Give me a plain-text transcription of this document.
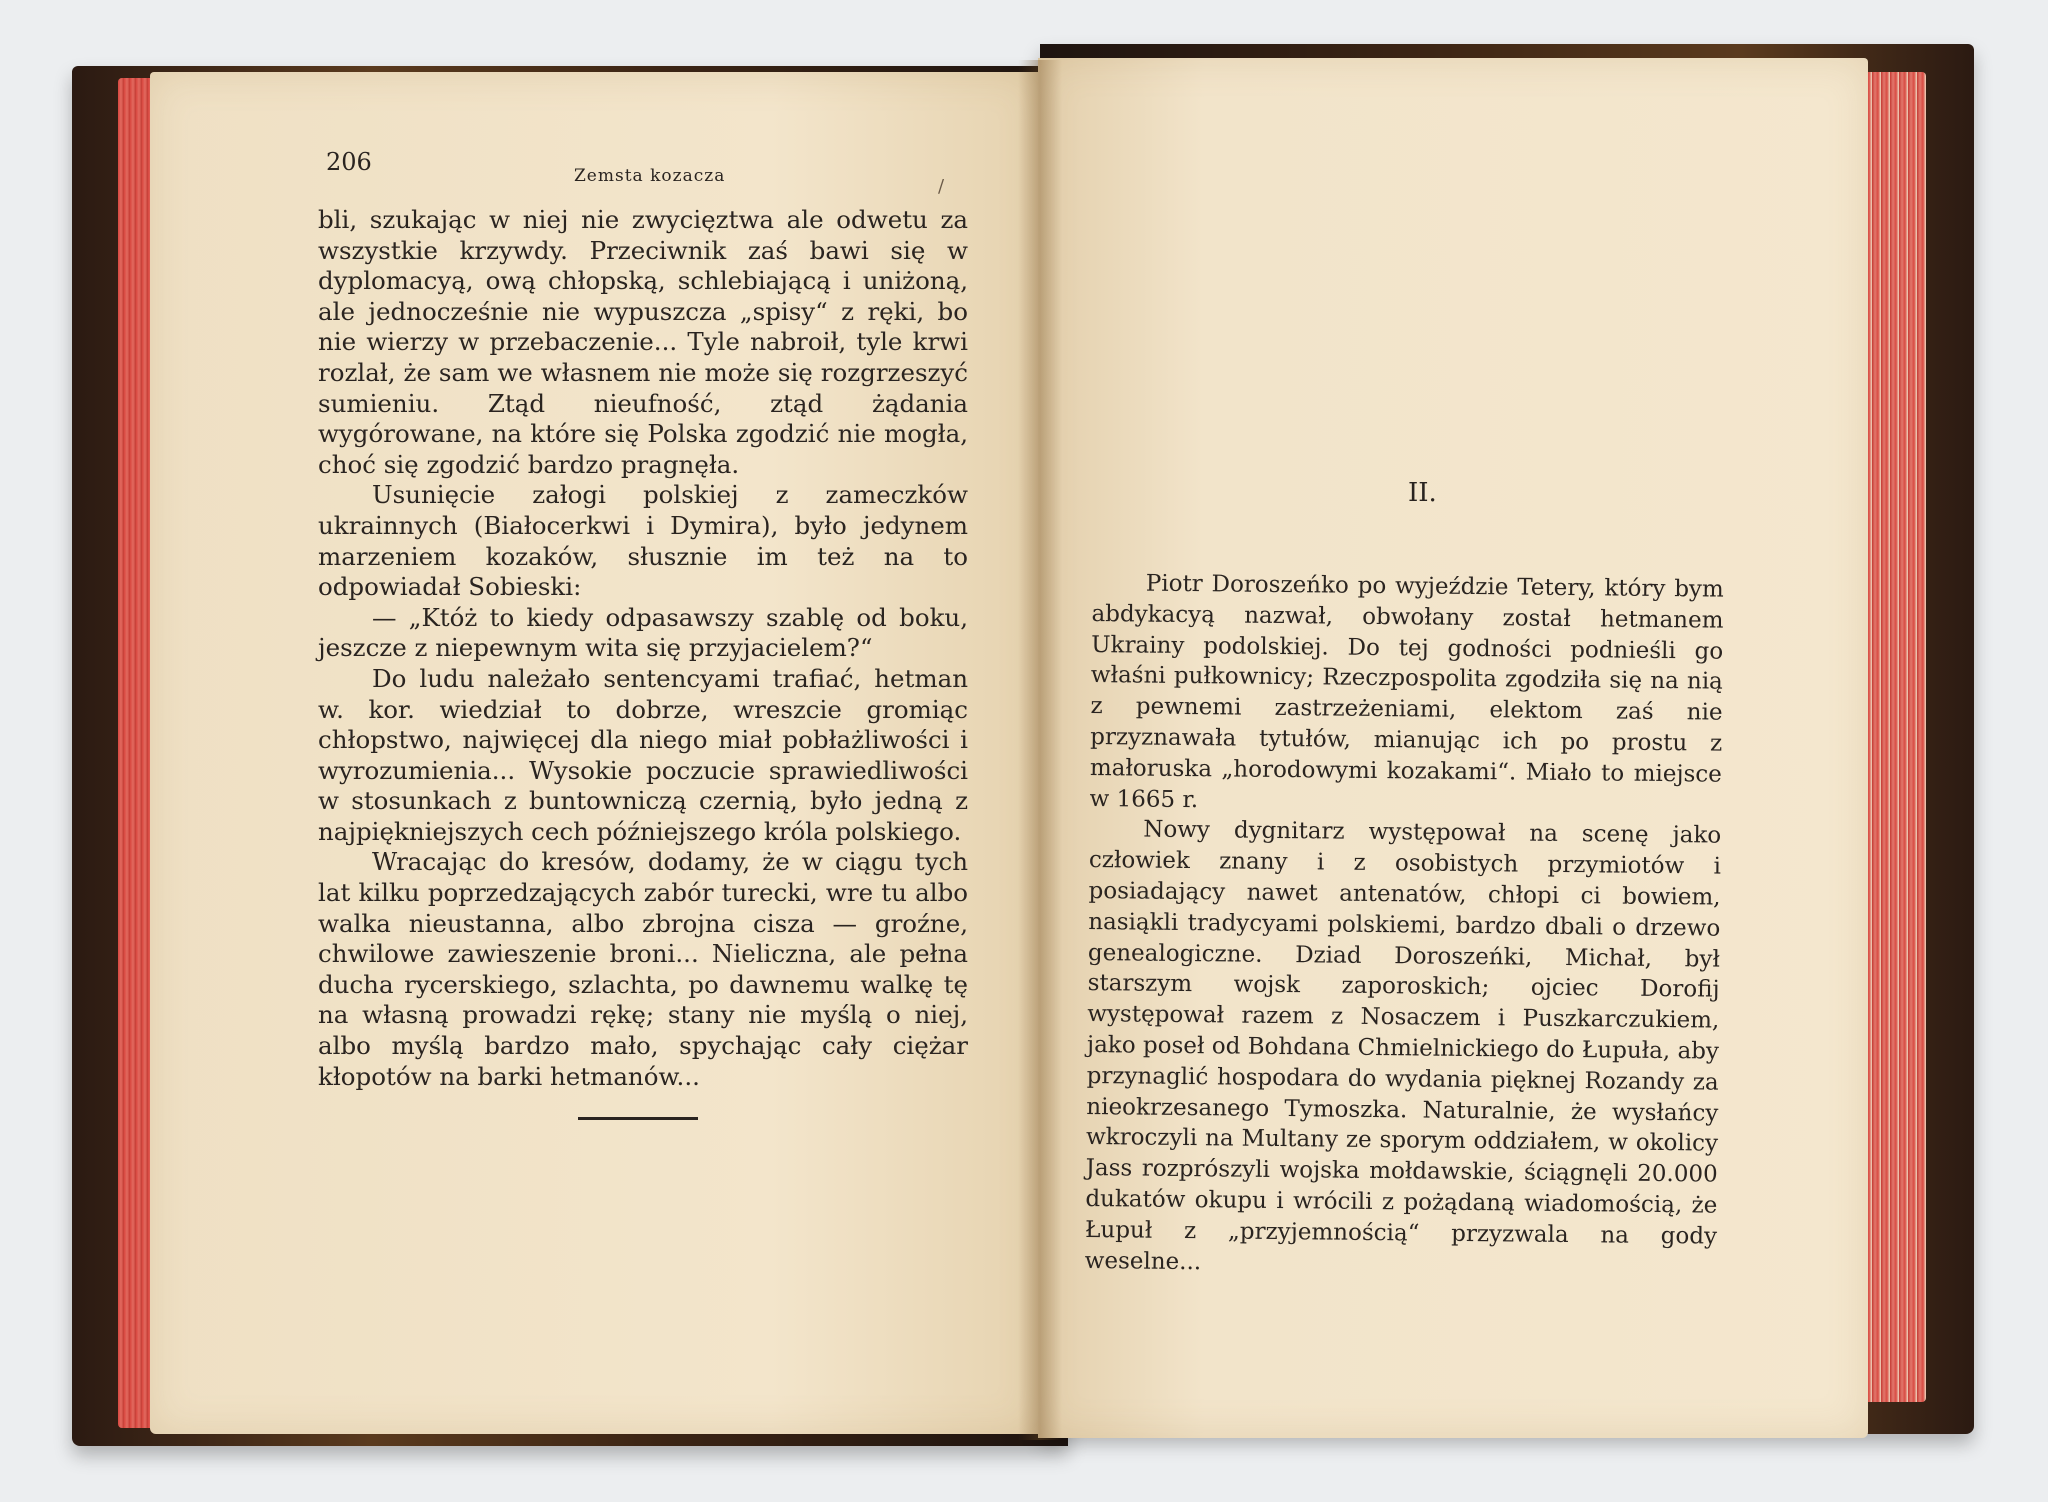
206	Zemsta kozacza	/

bli, szukając w niej nie zwycięztwa ale odwetu za wszystkie krzywdy. Przeciwnik zaś bawi się w dyplomacyą, ową chłopską, schlebiającą i uniżoną, ale jednocześnie nie wypuszcza „spisy“ z ręki, bo nie wierzy w przebaczenie... Tyle nabroił, tyle krwi rozlał, że sam we własnem nie może się rozgrzeszyć sumieniu. Ztąd nieufność, ztąd żądania wygórowane, na które się Polska zgodzić nie mogła, choć się zgodzić bardzo pragnęła.

Usunięcie załogi polskiej z zameczków ukrainnych (Białocerkwi i Dymira), było jedynem marzeniem kozaków, słusznie im też na to odpowiadał Sobieski:

— „Któż to kiedy odpasawszy szablę od boku, jeszcze z niepewnym wita się przyjacielem?“

Do ludu należało sentencyami trafiać, hetman w. kor. wiedział to dobrze, wreszcie gromiąc chłopstwo, najwięcej dla niego miał pobłażliwości i wyrozumienia... Wysokie poczucie sprawiedliwości w stosunkach z buntowniczą czernią, było jedną z najpiękniejszych cech późniejszego króla polskiego.

Wracając do kresów, dodamy, że w ciągu tych lat kilku poprzedzających zabór turecki, wre tu albo walka nieustanna, albo zbrojna cisza — groźne, chwilowe zawieszenie broni... Nieliczna, ale pełna ducha rycerskiego, szlachta, po dawnemu walkę tę na własną prowadzi rękę; stany nie myślą o niej, albo myślą bardzo mało, spychając cały ciężar kłopotów na barki hetmanów...

II.

Piotr Doroszeńko po wyjeździe Tetery, który bym abdykacyą nazwał, obwołany został hetmanem Ukrainy podolskiej. Do tej godności podnieśli go właśni pułkownicy; Rzeczpospolita zgodziła się na nią z pewnemi zastrzeżeniami, elektom zaś nie przyznawała tytułów, mianując ich po prostu z małoruska „horodowymi kozakami“. Miało to miejsce w 1665 r.

Nowy dygnitarz występował na scenę jako człowiek znany i z osobistych przymiotów i posiadający nawet antenatów, chłopi ci bowiem, nasiąkli tradycyami polskiemi, bardzo dbali o drzewo genealogiczne. Dziad Doroszeńki, Michał, był starszym wojsk zaporoskich; ojciec Dorofij występował razem z Nosaczem i Puszkarczukiem, jako poseł od Bohdana Chmielnickiego do Łupuła, aby przynaglić hospodara do wydania pięknej Rozandy za nieokrzesanego Tymoszka. Naturalnie, że wysłańcy wkroczyli na Multany ze sporym oddziałem, w okolicy Jass rozprószyli wojska mołdawskie, ściągnęli 20.000 dukatów okupu i wrócili z pożądaną wiadomością, że Łupuł z „przyjemnością“ przyzwala na gody weselne...
